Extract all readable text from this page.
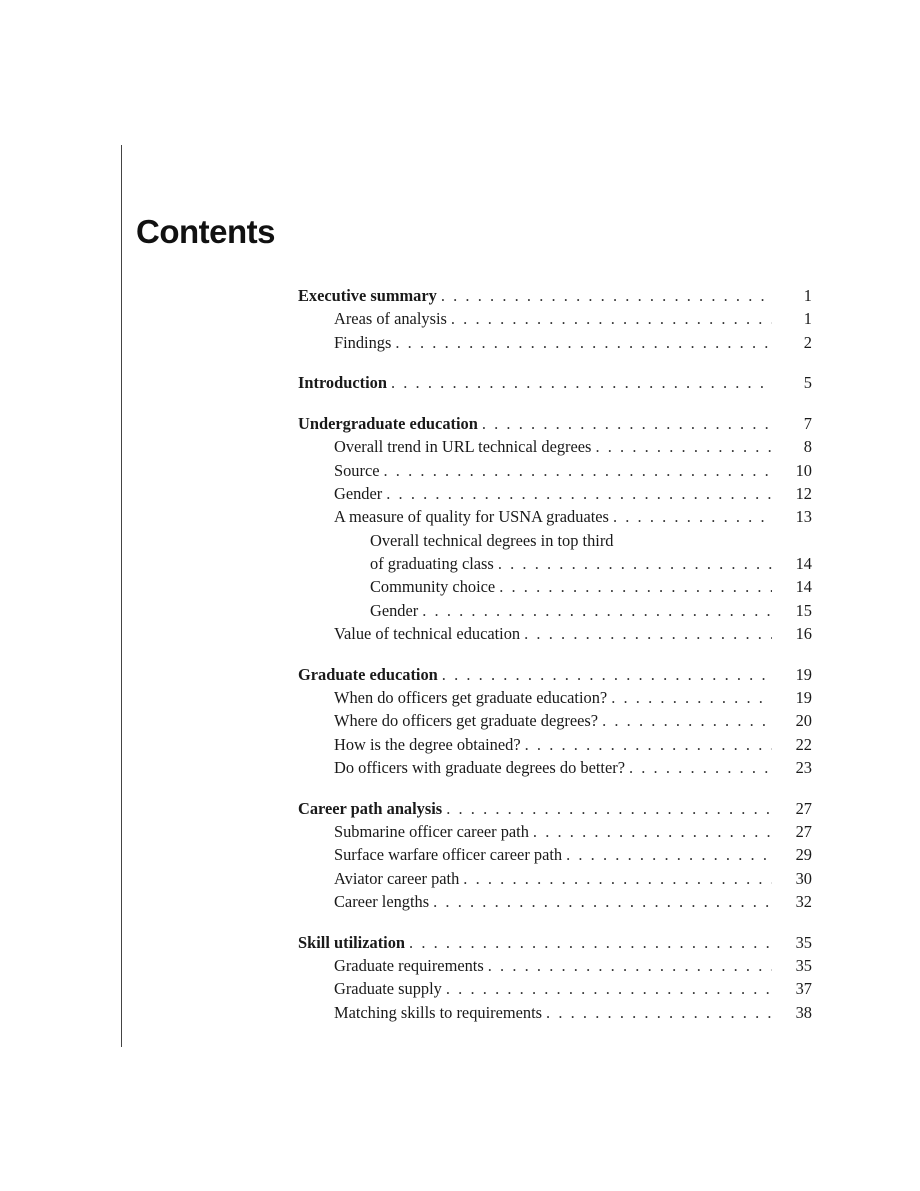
Contents
Executive summary . . .	1
Areas of analysis . . .	1
Findings . . .	2
Introduction . . .	5
Undergraduate education . . .	7
Overall trend in URL technical degrees . . .	8
Source . . .	10
Gender . . .	12
A measure of quality for USNA graduates . . .	13
Overall technical degrees in top third
of graduating class . . .	14
Community choice . . .	14
Gender . . .	15
Value of technical education . . .	16
Graduate education . . .	19
When do officers get graduate education? . . .	19
Where do officers get graduate degrees? . . .	20
How is the degree obtained? . . .	22
Do officers with graduate degrees do better? . . .	23
Career path analysis . . .	27
Submarine officer career path . . .	27
Surface warfare officer career path . . .	29
Aviator career path . . .	30
Career lengths . . .	32
Skill utilization . . .	35
Graduate requirements . . .	35
Graduate supply . . .	37
Matching skills to requirements . . .	38
